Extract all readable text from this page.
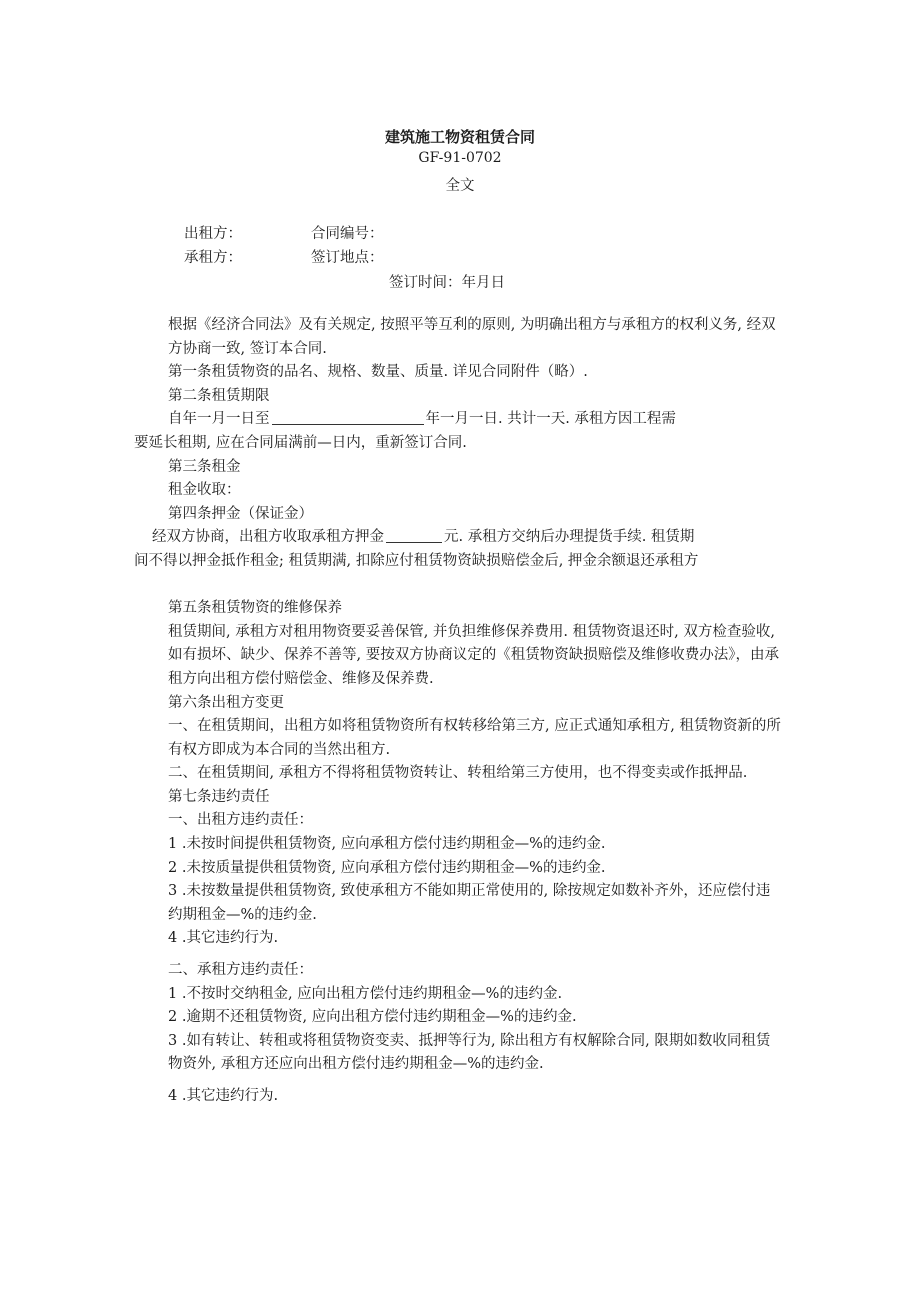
建筑施工物资租赁合同
GF-91-0702
全文
出租方：	合同编号：
承租方：	签订地点：
签订时间：年月日

根据《经济合同法》及有关规定, 按照平等互利的原则, 为明确出租方与承租方的权利义务, 经双方协商一致, 签订本合同.

第一条租赁物资的品名、规格、数量、质量. 详见合同附件（略）.

第二条租赁期限

自年一月一日至	年一月一日. 共计一天. 承租方因工程需

要延长租期, 应在合同届满前—日内，重新签订合同.

第三条租金

租金收取：

第四条押金（保证金）

经双方协商，出租方收取承租方押金	元. 承租方交纳后办理提货手续. 租赁期

间不得以押金抵作租金; 租赁期满, 扣除应付租赁物资缺损赔偿金后, 押金余额退还承租方

第五条租赁物资的维修保养

租赁期间, 承租方对租用物资要妥善保管, 并负担维修保养费用. 租赁物资退还时, 双方检查验收, 如有损坏、缺少、保养不善等, 要按双方协商议定的《租赁物资缺损赔偿及维修收费办法》，由承租方向出租方偿付赔偿金、维修及保养费.

第六条出租方变更

一、在租赁期间，出租方如将租赁物资所有权转移给第三方, 应正式通知承租方, 租赁物资新的所有权方即成为本合同的当然出租方.

二、在租赁期间, 承租方不得将租赁物资转让、转租给第三方使用，也不得变卖或作抵押品.

第七条违约责任

一、出租方违约责任：

1 .未按时间提供租赁物资, 应向承租方偿付违约期租金—%的违约金.

2 .未按质量提供租赁物资, 应向承租方偿付违约期租金—%的违约金.

3 .未按数量提供租赁物资, 致使承租方不能如期正常使用的, 除按规定如数补齐外，还应偿付违约期租金—%的违约金.

4 .其它违约行为.

二、承租方违约责任：

1 .不按时交纳租金, 应向出租方偿付违约期租金—%的违约金.

2 .逾期不还租赁物资, 应向出租方偿付违约期租金—%的违约金.

3 .如有转让、转租或将租赁物资变卖、抵押等行为, 除出租方有权解除合同, 限期如数收同租赁物资外, 承租方还应向出租方偿付违约期租金—%的违约金.

4 .其它违约行为.
